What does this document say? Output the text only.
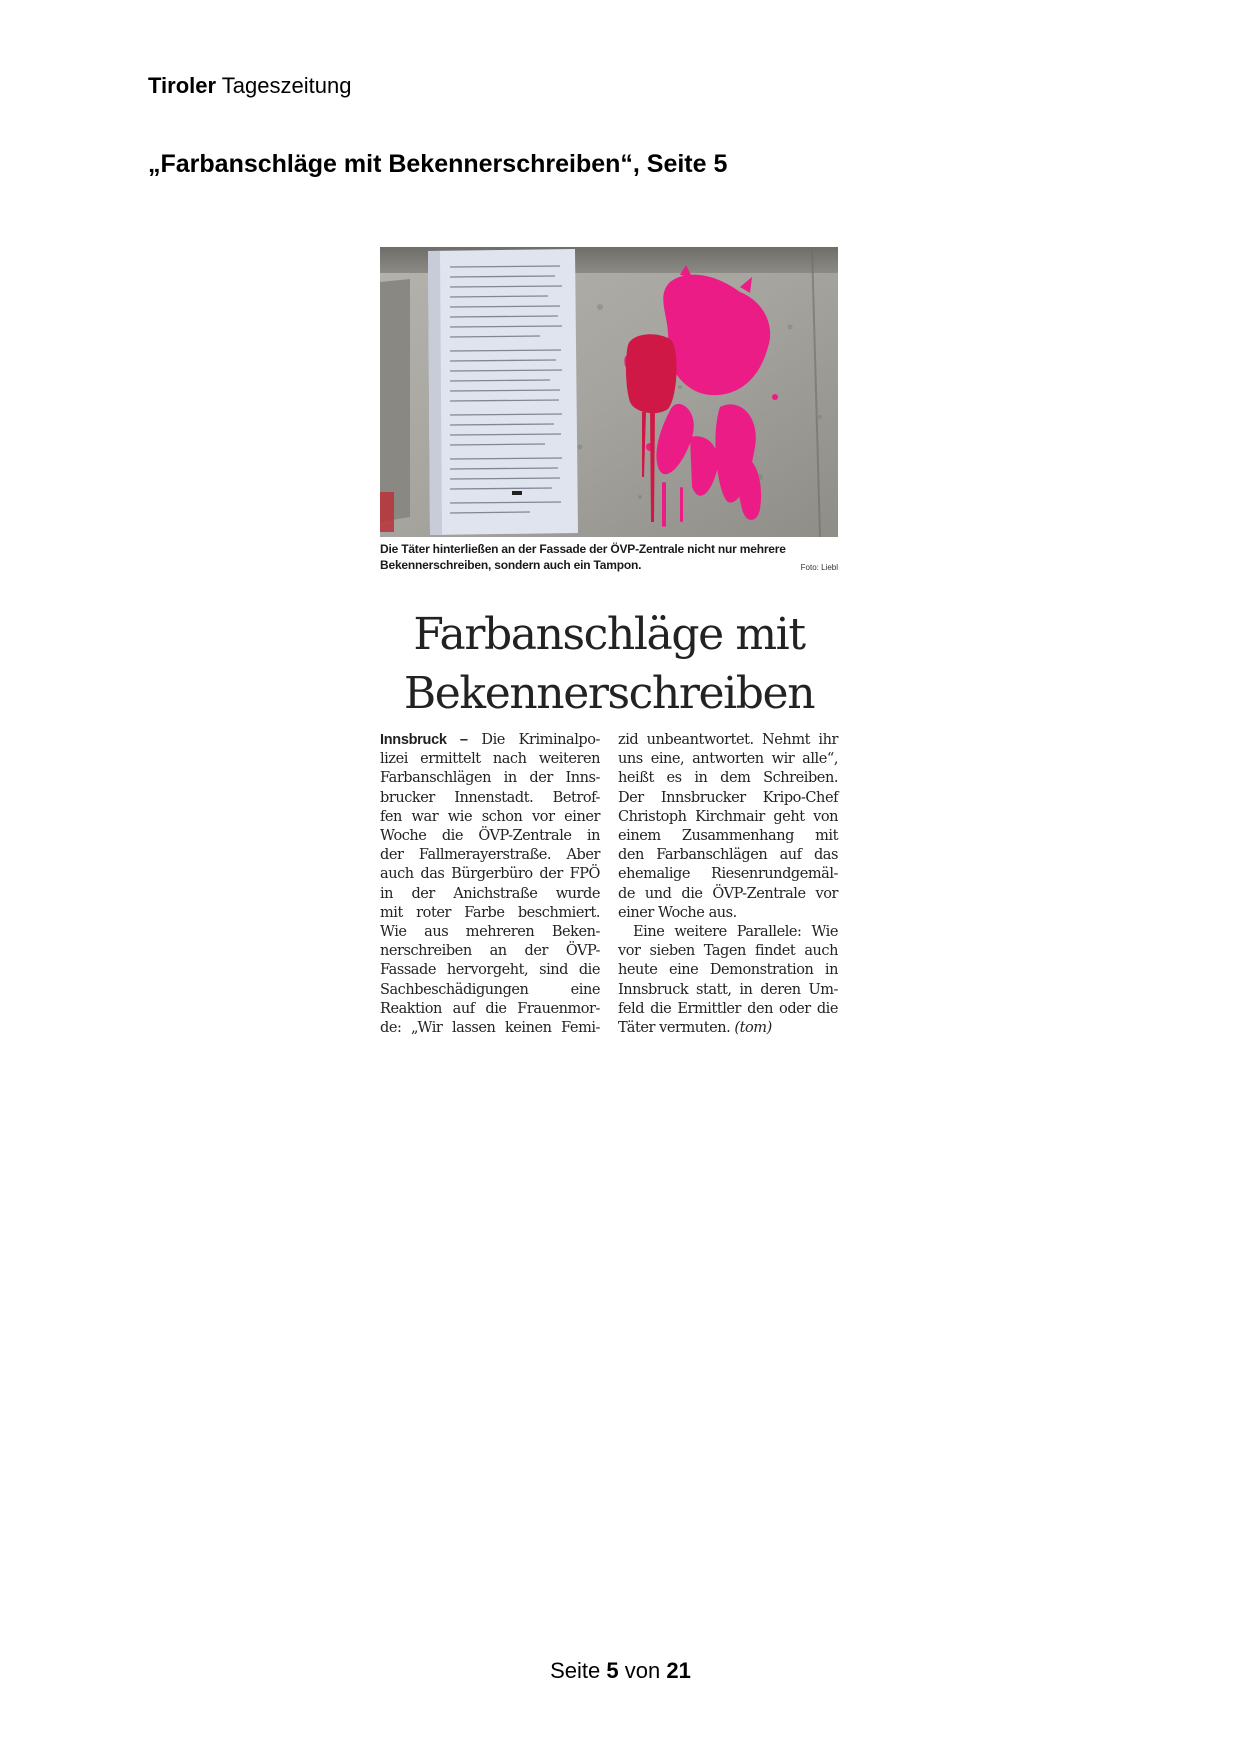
Tiroler Tageszeitung
„Farbanschläge mit Bekennerschreiben“, Seite 5
Die Täter hinterließen an der Fassade der ÖVP-Zentrale nicht nur mehrere
Bekennerschreiben, sondern auch ein Tampon.	Foto: Liebl
Farbanschläge mit
Bekennerschreiben
Innsbruck – Die Kriminalpo-
lizei ermittelt nach weiteren
Farbanschlägen in der Inns-
brucker Innenstadt. Betrof-
fen war wie schon vor einer
Woche die ÖVP-Zentrale in
der Fallmerayerstraße. Aber
auch das Bürgerbüro der FPÖ
in der Anichstraße wurde
mit roter Farbe beschmiert.
Wie aus mehreren Beken-
nerschreiben an der ÖVP-
Fassade hervorgeht, sind die
Sachbeschädigungen eine
Reaktion auf die Frauenmor-
de: „Wir lassen keinen Femi-
zid unbeantwortet. Nehmt ihr
uns eine, antworten wir alle“,
heißt es in dem Schreiben.
Der Innsbrucker Kripo-Chef
Christoph Kirchmair geht von
einem Zusammenhang mit
den Farbanschlägen auf das
ehemalige Riesenrundgemäl-
de und die ÖVP-Zentrale vor
einer Woche aus.
Eine weitere Parallele: Wie
vor sieben Tagen findet auch
heute eine Demonstration in
Innsbruck statt, in deren Um-
feld die Ermittler den oder die
Täter vermuten. (tom)
Seite 5 von 21
